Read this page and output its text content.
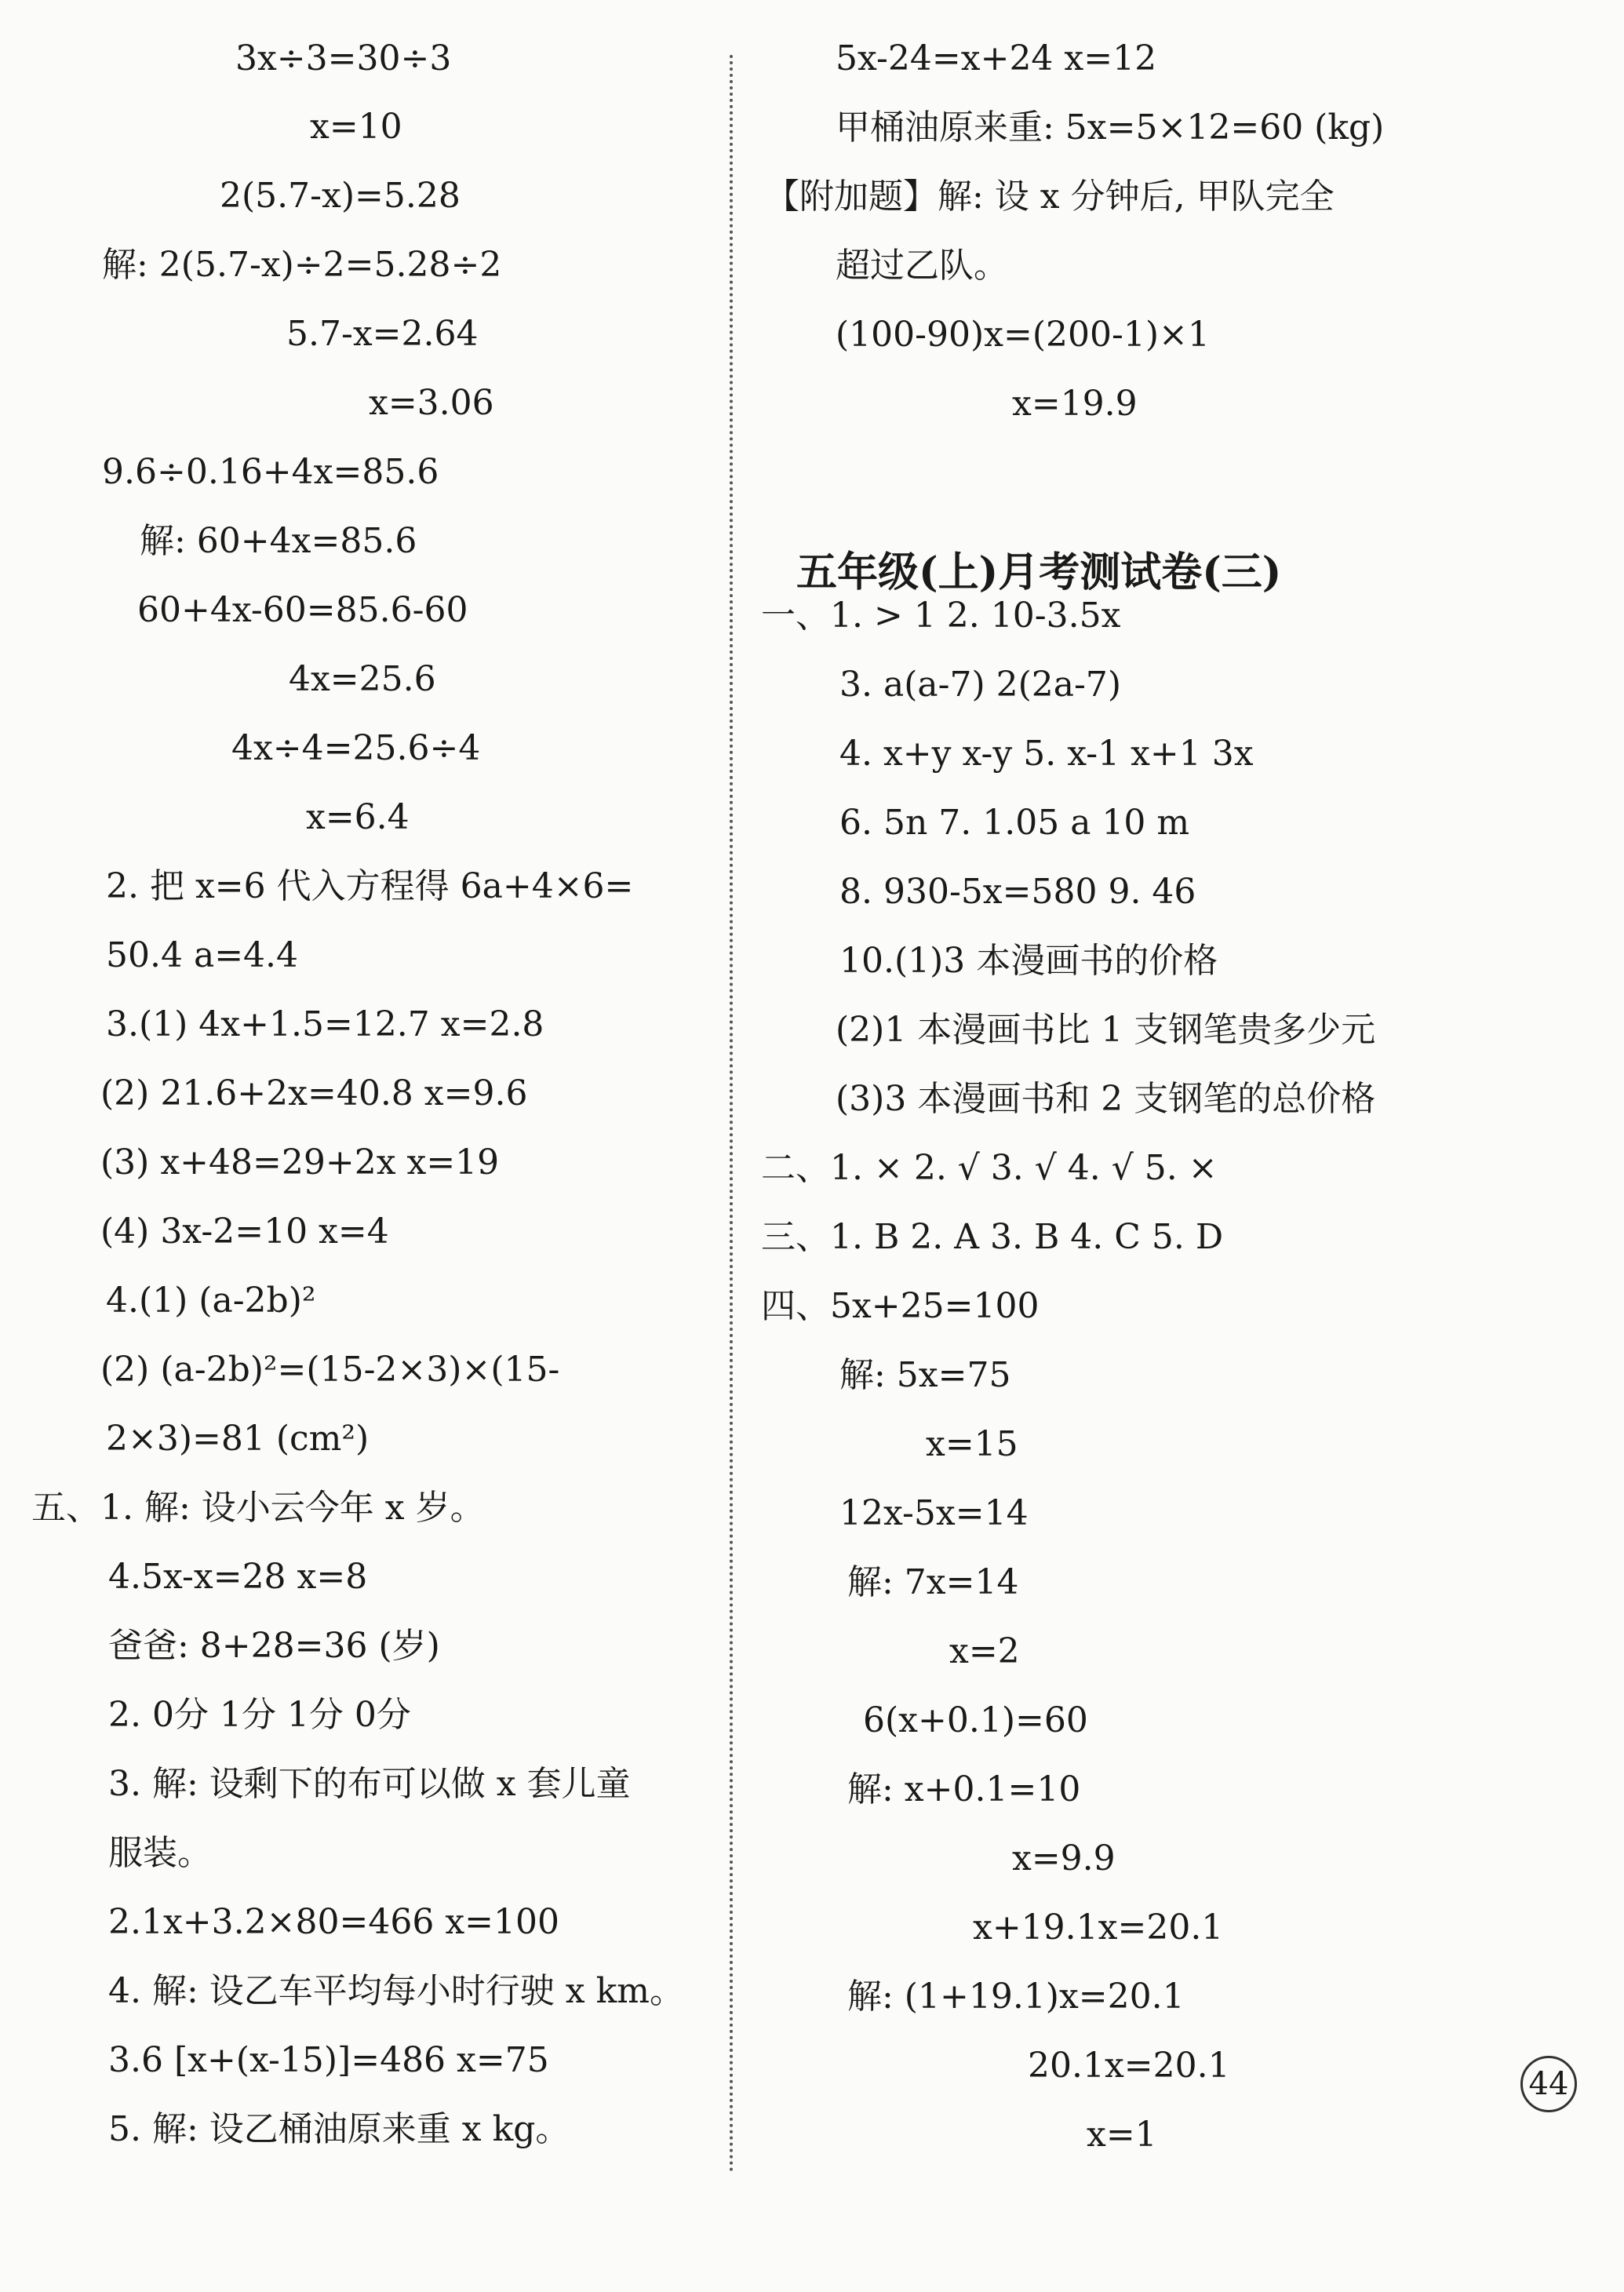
3x÷3=30÷3
x=10
2(5.7-x)=5.28
解: 2(5.7-x)÷2=5.28÷2
5.7-x=2.64
x=3.06
9.6÷0.16+4x=85.6
解: 60+4x=85.6
60+4x-60=85.6-60
4x=25.6
4x÷4=25.6÷4
x=6.4
2. 把 x=6 代入方程得 6a+4×6=
50.4 a=4.4
3.(1) 4x+1.5=12.7 x=2.8
(2) 21.6+2x=40.8 x=9.6
(3) x+48=29+2x x=19
(4) 3x-2=10 x=4
4.(1) (a-2b)²
(2) (a-2b)²=(15-2×3)×(15-
2×3)=81 (cm²)
五、1. 解: 设小云今年 x 岁。
4.5x-x=28 x=8
爸爸: 8+28=36 (岁)
2. 0分 1分 1分 0分
3. 解: 设剩下的布可以做 x 套儿童
服装。
2.1x+3.2×80=466 x=100
4. 解: 设乙车平均每小时行驶 x km。
3.6 [x+(x-15)]=486 x=75
5. 解: 设乙桶油原来重 x kg。
五年级(上)月考测试卷(三)
5x-24=x+24 x=12
甲桶油原来重: 5x=5×12=60 (kg)
【附加题】解: 设 x 分钟后, 甲队完全
超过乙队。
(100-90)x=(200-1)×1
x=19.9
一、1. > 1 2. 10-3.5x
3. a(a-7) 2(2a-7)
4. x+y x-y 5. x-1 x+1 3x
6. 5n 7. 1.05 a 10 m
8. 930-5x=580 9. 46
10.(1)3 本漫画书的价格
(2)1 本漫画书比 1 支钢笔贵多少元
(3)3 本漫画书和 2 支钢笔的总价格
二、1. × 2. √ 3. √ 4. √ 5. ×
三、1. B 2. A 3. B 4. C 5. D
四、5x+25=100
解: 5x=75
x=15
12x-5x=14
解: 7x=14
x=2
6(x+0.1)=60
解: x+0.1=10
x=9.9
x+19.1x=20.1
解: (1+19.1)x=20.1
20.1x=20.1
x=1
44
